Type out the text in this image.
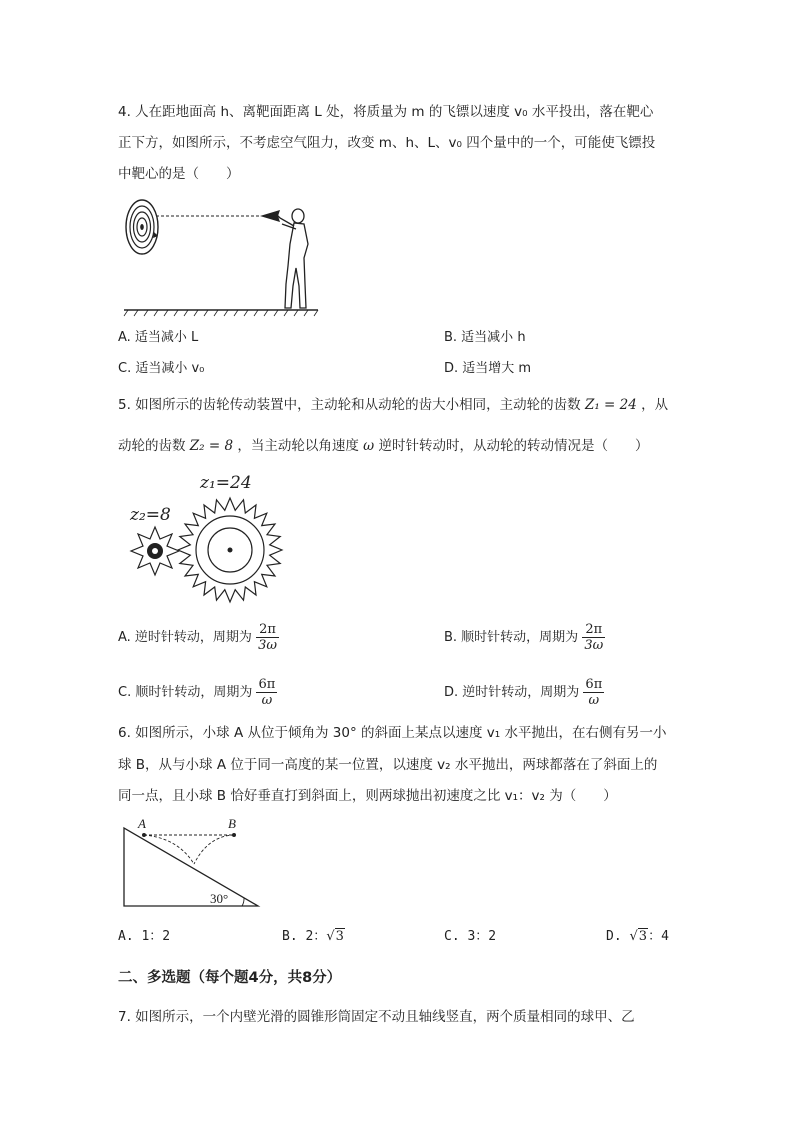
4. 人在距地面高 h、离靶面距离 L 处，将质量为 m 的飞镖以速度 v₀ 水平投出，落在靶心
正下方，如图所示，不考虑空气阻力，改变 m、h、L、v₀ 四个量中的一个，可能使飞镖投
中靶心的是（　　）
A. 适当减小 L	B. 适当减小 h
C. 适当减小 v₀	D. 适当增大 m
5. 如图所示的齿轮传动装置中，主动轮和从动轮的齿大小相同，主动轮的齿数 Z₁ = 24 ，从
动轮的齿数 Z₂ = 8 ，当主动轮以角速度 ω 逆时针转动时，从动轮的转动情况是（　　）
z₁=24
z₂=8
A. 逆时针转动，周期为 $\frac{2\pi}{3\omega}$	B. 顺时针转动，周期为 $\frac{2\pi}{3\omega}$
C. 顺时针转动，周期为 $\frac{6\pi}{\omega}$	D. 逆时针转动，周期为 $\frac{6\pi}{\omega}$
6. 如图所示，小球 A 从位于倾角为 30° 的斜面上某点以速度 v₁ 水平抛出，在右侧有另一小
球 B，从与小球 A 位于同一高度的某一位置，以速度 v₂ 水平抛出，两球都落在了斜面上的
同一点，且小球 B 恰好垂直打到斜面上，则两球抛出初速度之比 v₁：v₂ 为（　　）
A	B
30°
A. 1：2	B. 2：√3	C. 3：2	D. √3：4
二、多选题（每个题4分，共8分）
7. 如图所示，一个内壁光滑的圆锥形筒固定不动且轴线竖直，两个质量相同的球甲、乙
